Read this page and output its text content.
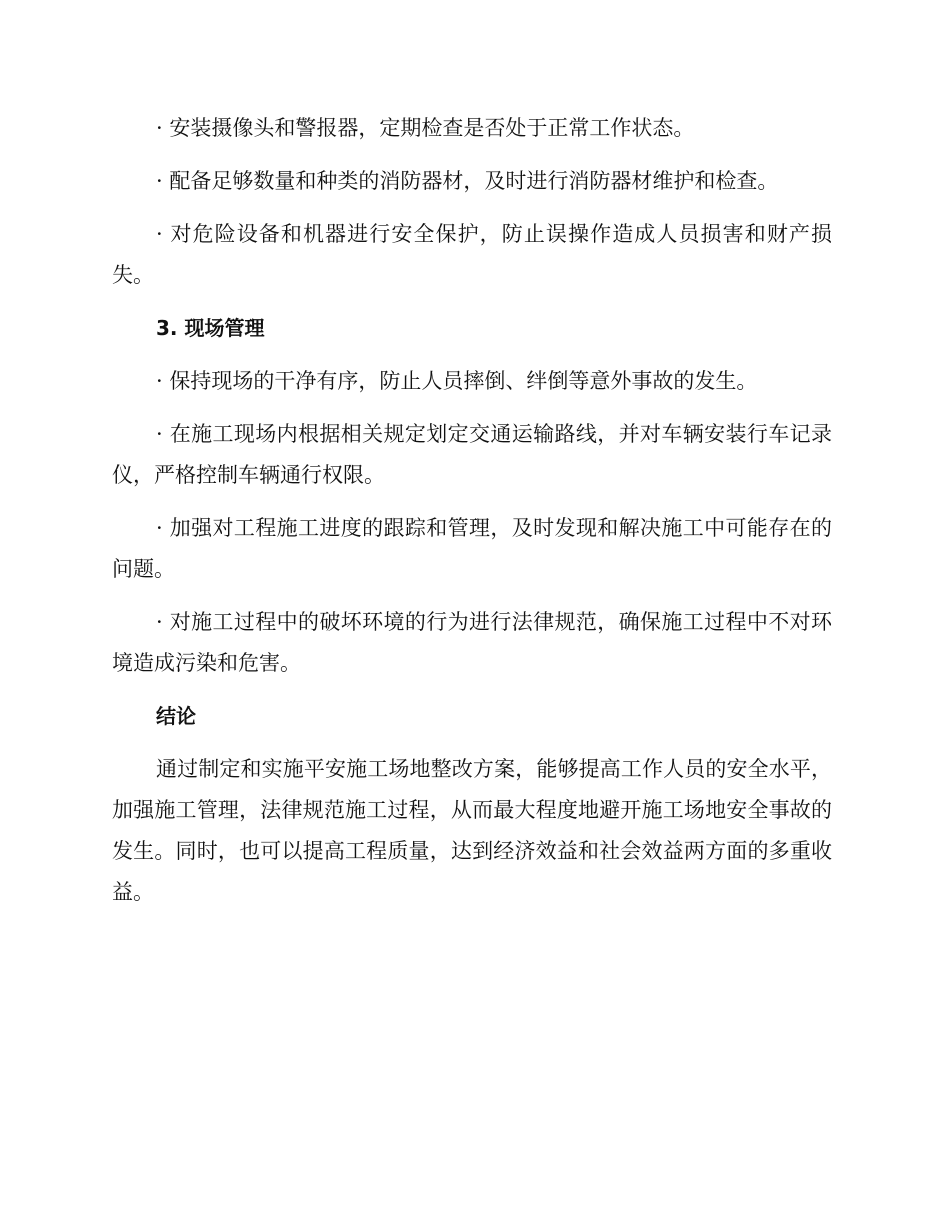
· 安装摄像头和警报器，定期检查是否处于正常工作状态。

· 配备足够数量和种类的消防器材，及时进行消防器材维护和检查。

· 对危险设备和机器进行安全保护，防止误操作造成人员损害和财产损失。

3. 现场管理

· 保持现场的干净有序，防止人员摔倒、绊倒等意外事故的发生。

· 在施工现场内根据相关规定划定交通运输路线，并对车辆安装行车记录仪，严格控制车辆通行权限。

· 加强对工程施工进度的跟踪和管理，及时发现和解决施工中可能存在的问题。

· 对施工过程中的破坏环境的行为进行法律规范，确保施工过程中不对环境造成污染和危害。

结论

通过制定和实施平安施工场地整改方案，能够提高工作人员的安全水平，加强施工管理，法律规范施工过程，从而最大程度地避开施工场地安全事故的发生。同时，也可以提高工程质量，达到经济效益和社会效益两方面的多重收益。
